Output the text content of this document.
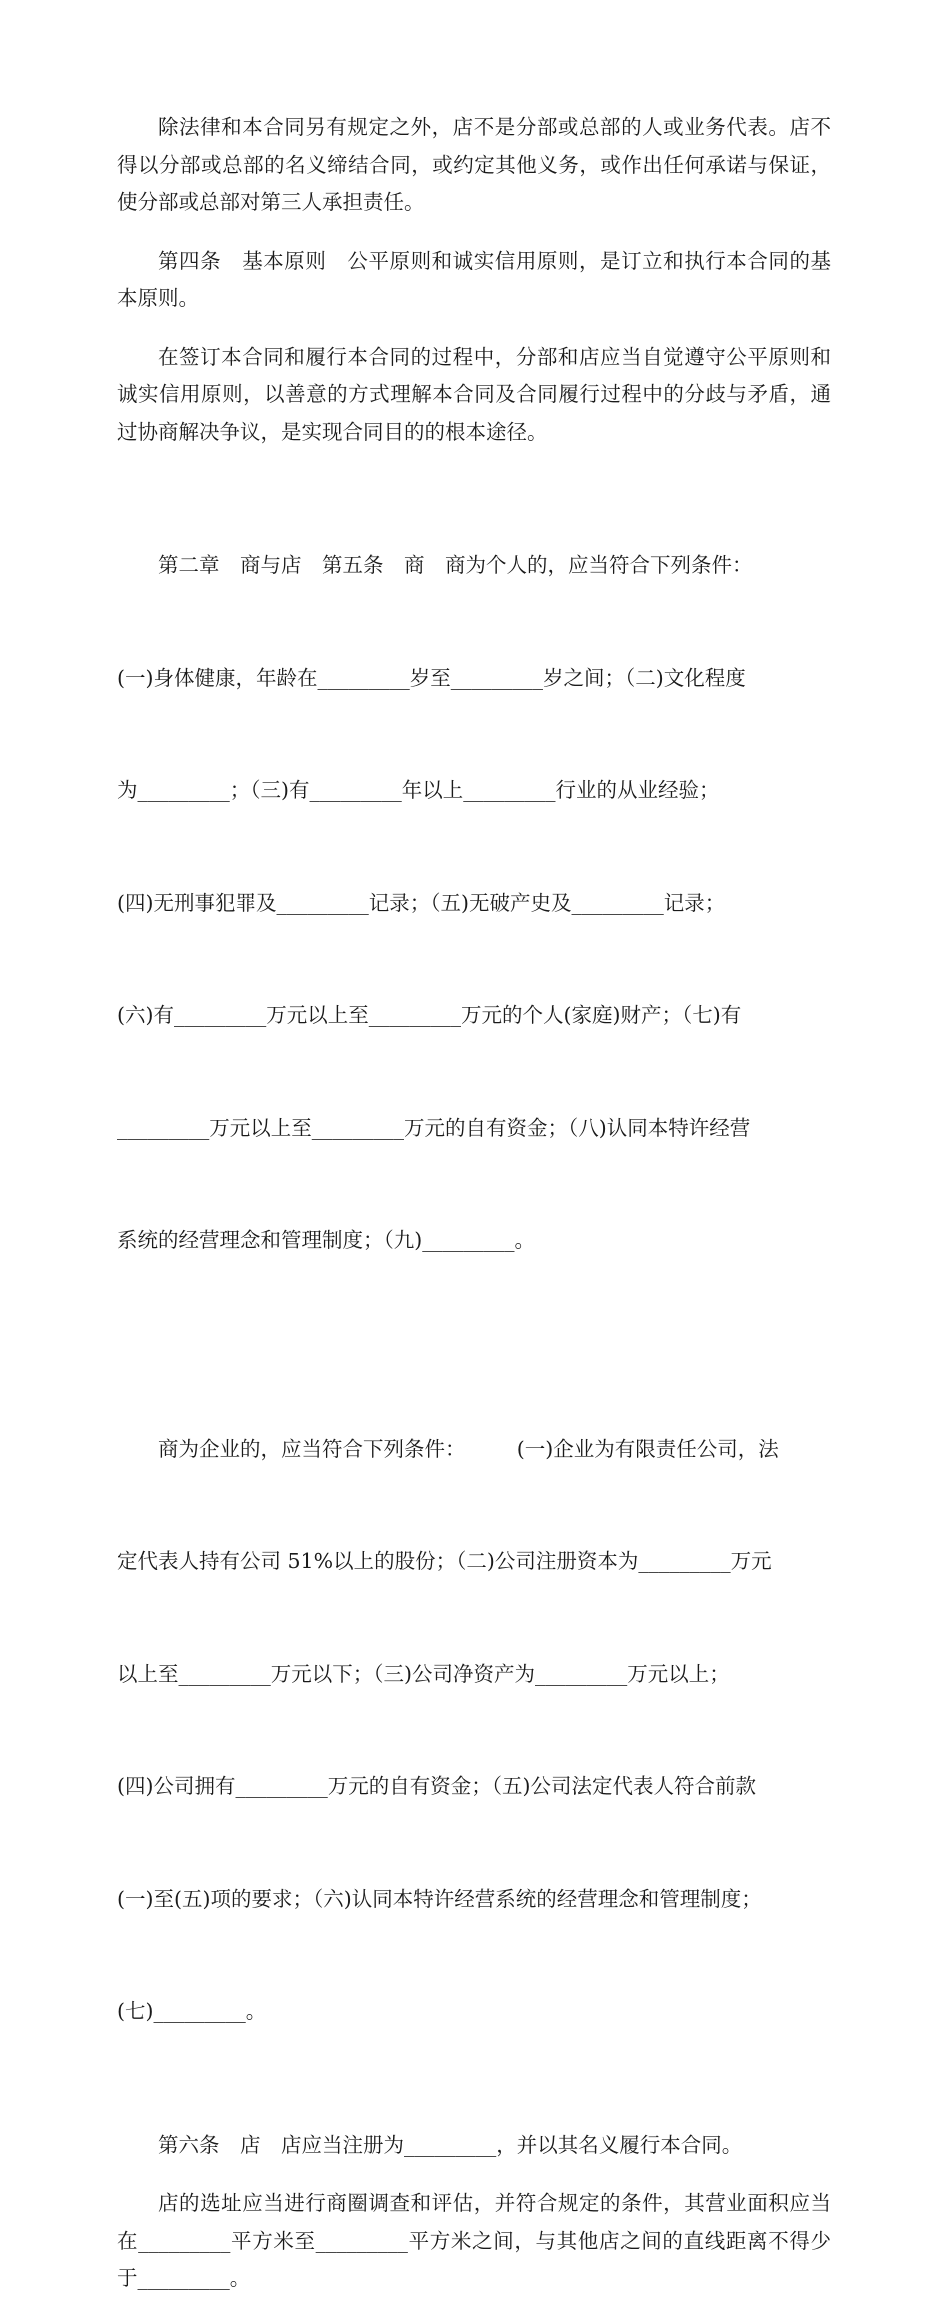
除法律和本合同另有规定之外，店不是分部或总部的人或业务代表。店不得以分部或总部的名义缔结合同，或约定其他义务，或作出任何承诺与保证，使分部或总部对第三人承担责任。

第四条　基本原则　公平原则和诚实信用原则，是订立和执行本合同的基本原则。

在签订本合同和履行本合同的过程中，分部和店应当自觉遵守公平原则和诚实信用原则，以善意的方式理解本合同及合同履行过程中的分歧与矛盾，通过协商解决争议，是实现合同目的的根本途径。

第二章　商与店　第五条　商　商为个人的，应当符合下列条件：

(一)身体健康，年龄在_________岁至_________岁之间；（二)文化程度

为_________；（三)有_________年以上_________行业的从业经验；

(四)无刑事犯罪及_________记录；（五)无破产史及_________记录；

(六)有_________万元以上至_________万元的个人(家庭)财产；（七)有

_________万元以上至_________万元的自有资金；（八)认同本特许经营

系统的经营理念和管理制度；（九)_________。

商为企业的，应当符合下列条件：　　　(一)企业为有限责任公司，法

定代表人持有公司 51%以上的股份；（二)公司注册资本为_________万元

以上至_________万元以下；（三)公司净资产为_________万元以上；

(四)公司拥有_________万元的自有资金；（五)公司法定代表人符合前款

(一)至(五)项的要求；（六)认同本特许经营系统的经营理念和管理制度；

(七)_________。

第六条　店　店应当注册为_________，并以其名义履行本合同。

店的选址应当进行商圈调查和评估，并符合规定的条件，其营业面积应当在_________平方米至_________平方米之间，与其他店之间的直线距离不得少于_________。
